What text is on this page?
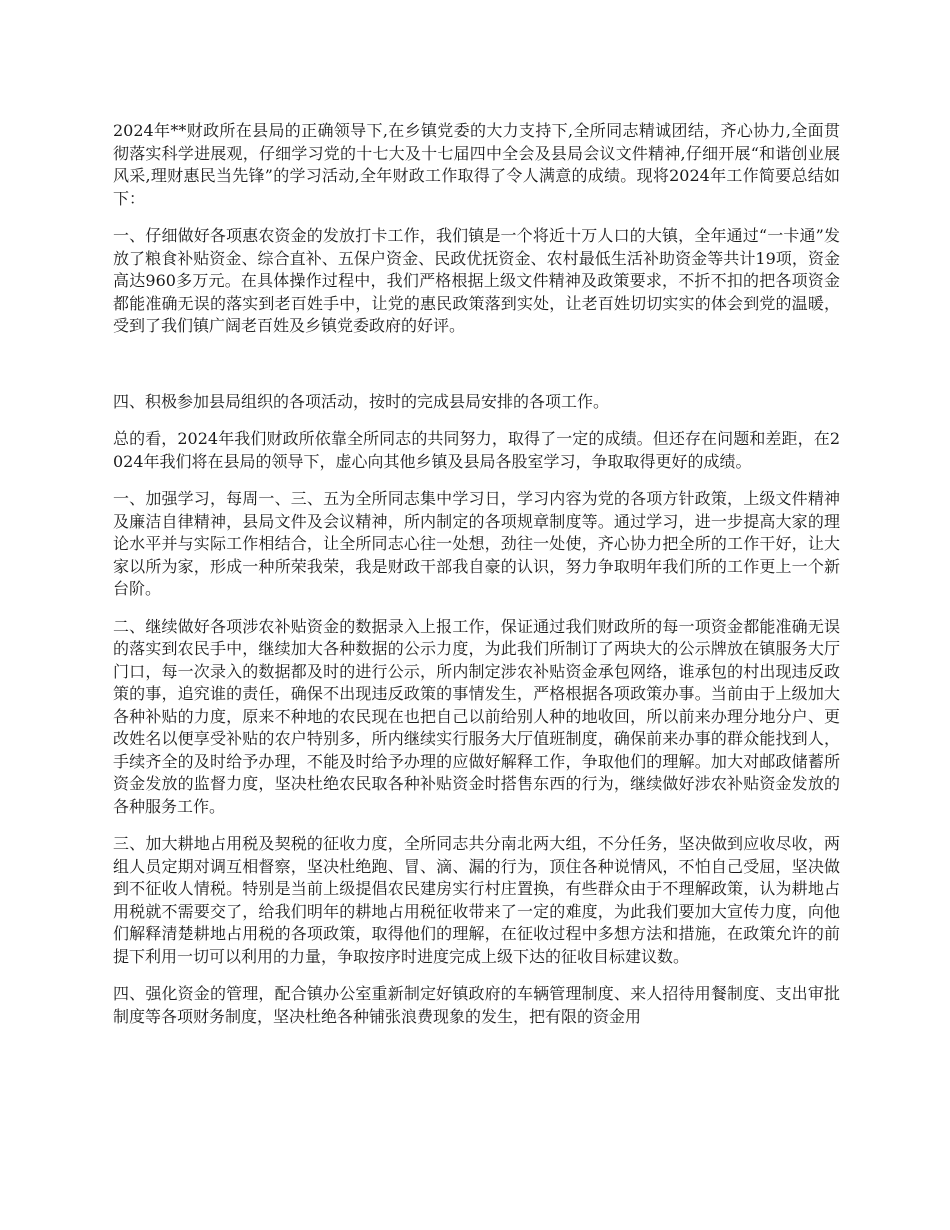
2024年**财政所在县局的正确领导下,在乡镇党委的大力支持下,全所同志精诚团结，齐心协力,全面贯彻落实科学进展观，仔细学习党的十七大及十七届四中全会及县局会议文件精神,仔细开展“和谐创业展风采,理财惠民当先锋”的学习活动,全年财政工作取得了令人满意的成绩。现将2024年工作简要总结如下：

一、仔细做好各项惠农资金的发放打卡工作，我们镇是一个将近十万人口的大镇，全年通过“一卡通”发放了粮食补贴资金、综合直补、五保户资金、民政优抚资金、农村最低生活补助资金等共计19项，资金高达960多万元。在具体操作过程中，我们严格根据上级文件精神及政策要求，不折不扣的把各项资金都能准确无误的落实到老百姓手中，让党的惠民政策落到实处，让老百姓切切实实的体会到党的温暖，受到了我们镇广阔老百姓及乡镇党委政府的好评。

四、积极参加县局组织的各项活动，按时的完成县局安排的各项工作。

总的看，2024年我们财政所依靠全所同志的共同努力，取得了一定的成绩。但还存在问题和差距，在2024年我们将在县局的领导下，虚心向其他乡镇及县局各股室学习，争取取得更好的成绩。

一、加强学习，每周一、三、五为全所同志集中学习日，学习内容为党的各项方针政策，上级文件精神及廉洁自律精神，县局文件及会议精神，所内制定的各项规章制度等。通过学习，进一步提高大家的理论水平并与实际工作相结合，让全所同志心往一处想，劲往一处使，齐心协力把全所的工作干好，让大家以所为家，形成一种所荣我荣，我是财政干部我自豪的认识，努力争取明年我们所的工作更上一个新台阶。

二、继续做好各项涉农补贴资金的数据录入上报工作，保证通过我们财政所的每一项资金都能准确无误的落实到农民手中，继续加大各种数据的公示力度，为此我们所制订了两块大的公示牌放在镇服务大厅门口，每一次录入的数据都及时的进行公示，所内制定涉农补贴资金承包网络，谁承包的村出现违反政策的事，追究谁的责任，确保不出现违反政策的事情发生，严格根据各项政策办事。当前由于上级加大各种补贴的力度，原来不种地的农民现在也把自己以前给别人种的地收回，所以前来办理分地分户、更改姓名以便享受补贴的农户特别多，所内继续实行服务大厅值班制度，确保前来办事的群众能找到人，手续齐全的及时给予办理，不能及时给予办理的应做好解释工作，争取他们的理解。加大对邮政储蓄所资金发放的监督力度，坚决杜绝农民取各种补贴资金时搭售东西的行为，继续做好涉农补贴资金发放的各种服务工作。

三、加大耕地占用税及契税的征收力度，全所同志共分南北两大组，不分任务，坚决做到应收尽收，两组人员定期对调互相督察，坚决杜绝跑、冒、滴、漏的行为，顶住各种说情风，不怕自己受屈，坚决做到不征收人情税。特别是当前上级提倡农民建房实行村庄置换，有些群众由于不理解政策，认为耕地占用税就不需要交了，给我们明年的耕地占用税征收带来了一定的难度，为此我们要加大宣传力度，向他们解释清楚耕地占用税的各项政策，取得他们的理解，在征收过程中多想方法和措施，在政策允许的前提下利用一切可以利用的力量，争取按序时进度完成上级下达的征收目标建议数。

四、强化资金的管理，配合镇办公室重新制定好镇政府的车辆管理制度、来人招待用餐制度、支出审批制度等各项财务制度，坚决杜绝各种铺张浪费现象的发生，把有限的资金用
